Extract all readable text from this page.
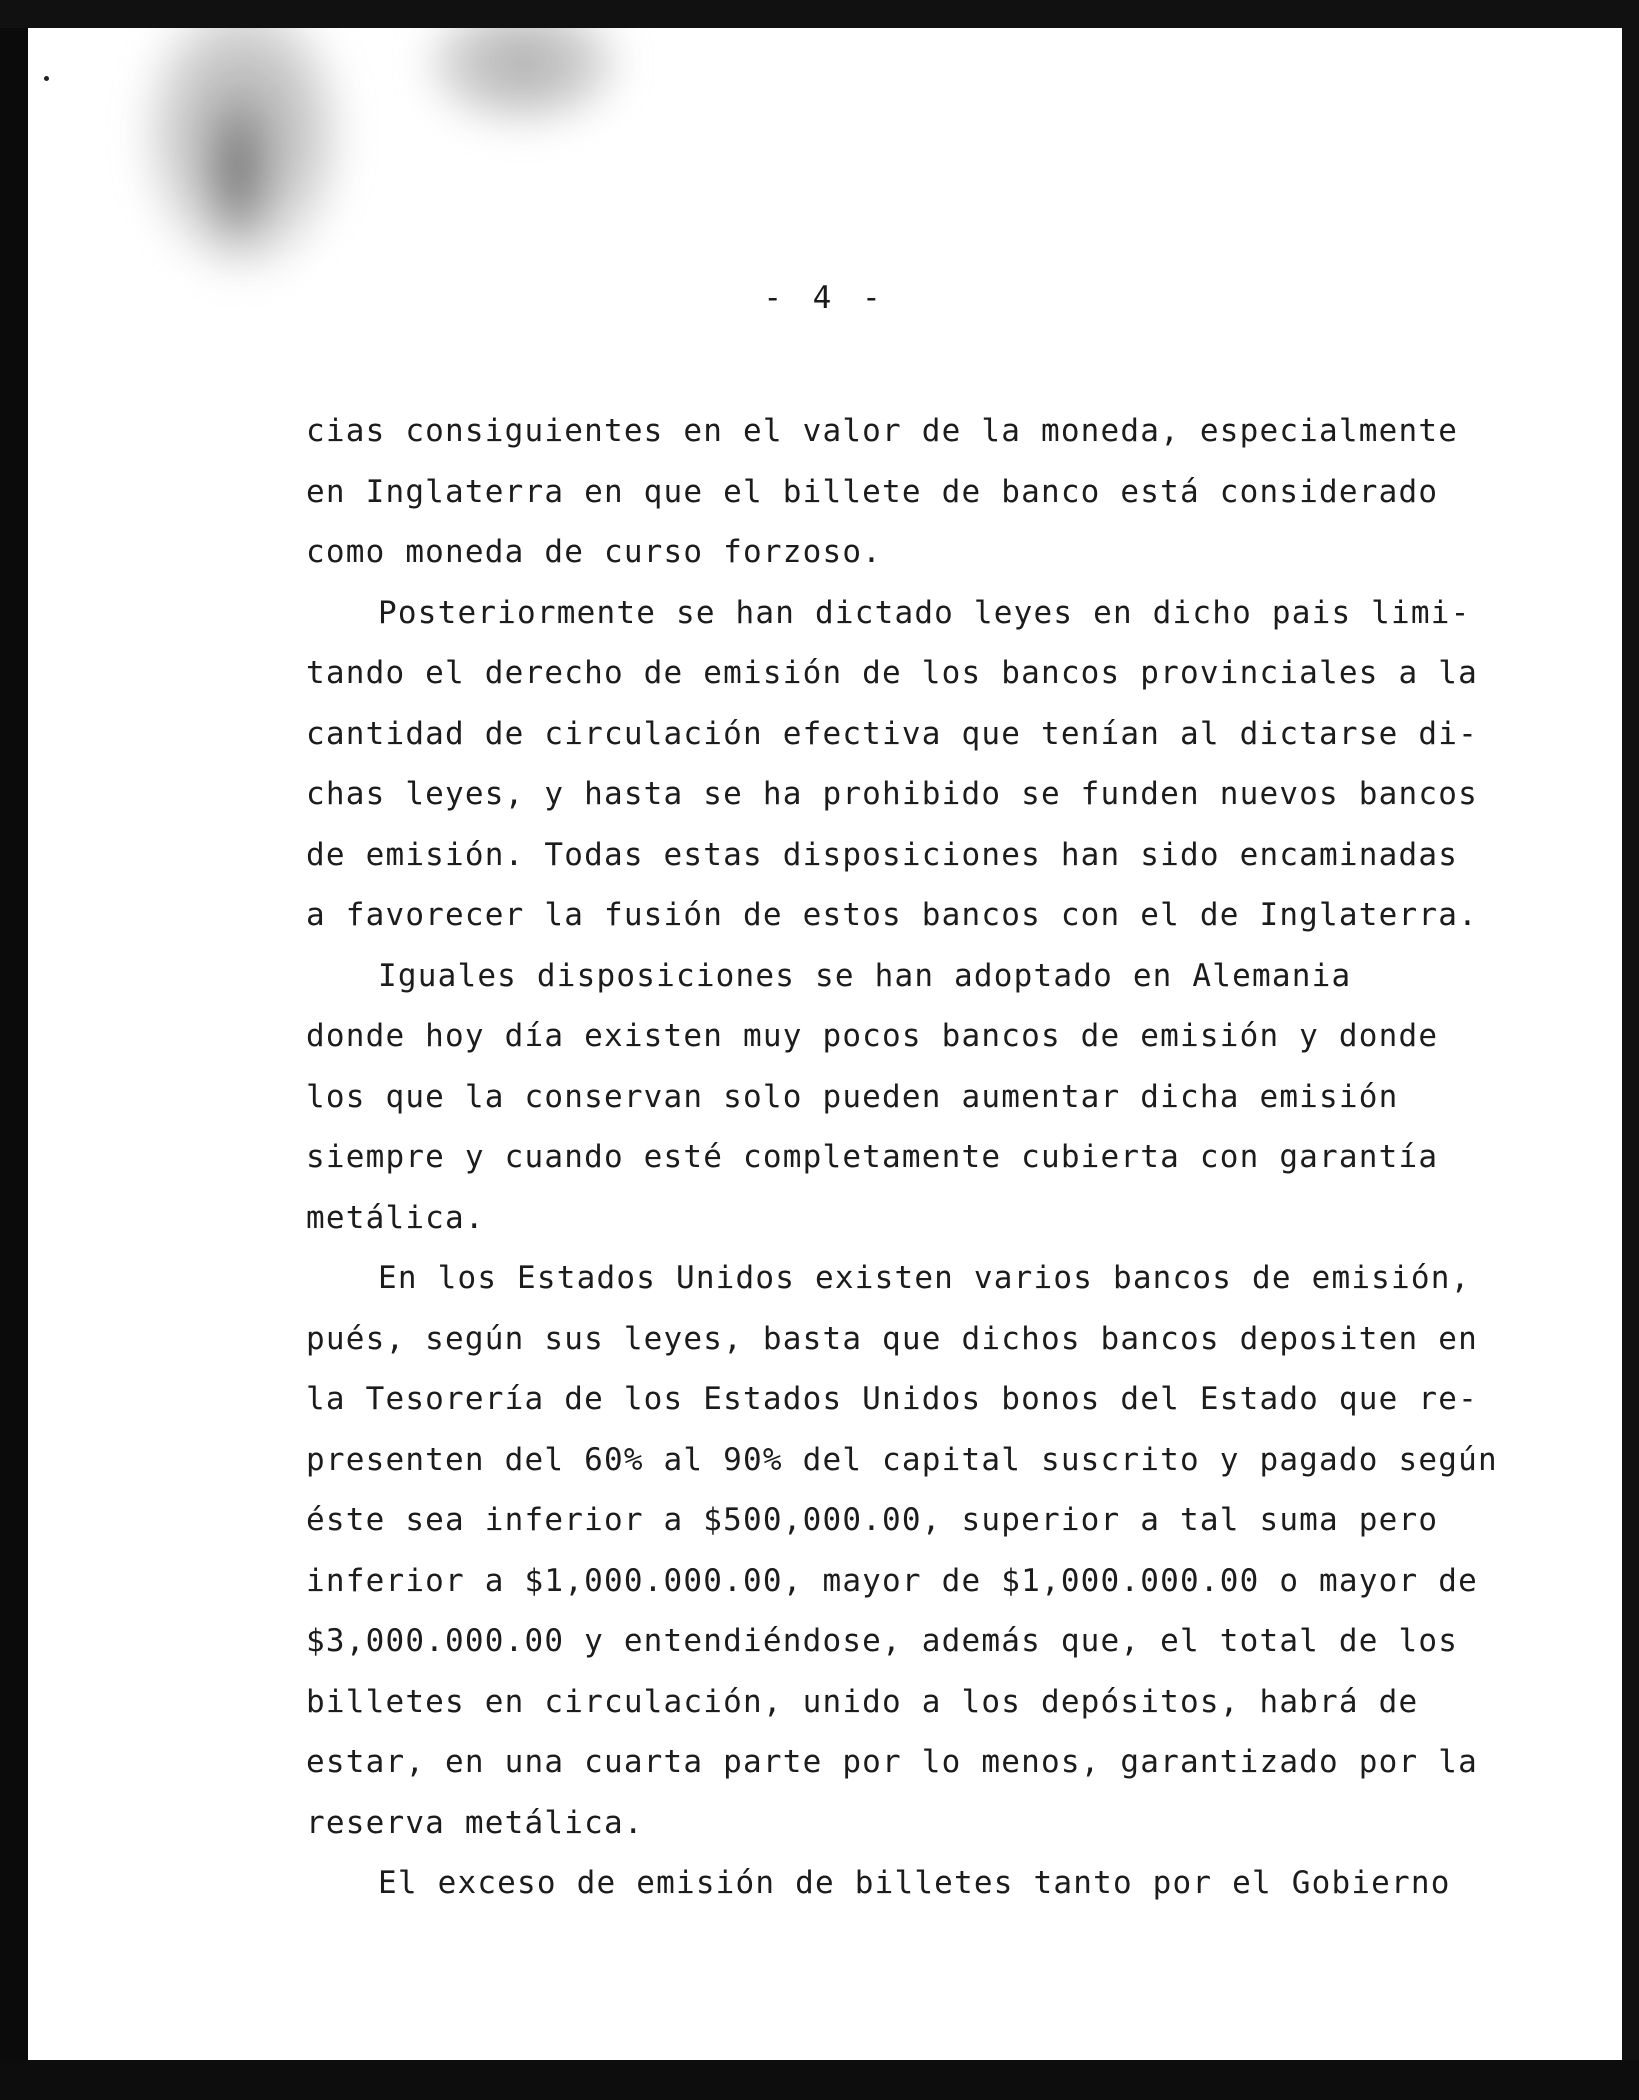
- 4 -
cias consiguientes en el valor de la moneda, especialmente
en Inglaterra en que el billete de banco está considerado
como moneda de curso forzoso.
Posteriormente se han dictado leyes en dicho pais limi-
tando el derecho de emisión de los bancos provinciales a la
cantidad de circulación efectiva que tenían al dictarse di-
chas leyes, y hasta se ha prohibido se funden nuevos bancos
de emisión. Todas estas disposiciones han sido encaminadas
a favorecer la fusión de estos bancos con el de Inglaterra.
Iguales disposiciones se han adoptado en Alemania
donde hoy día existen muy pocos bancos de emisión y donde
los que la conservan solo pueden aumentar dicha emisión
siempre y cuando esté completamente cubierta con garantía
metálica.
En los Estados Unidos existen varios bancos de emisión,
pués, según sus leyes, basta que dichos bancos depositen en
la Tesorería de los Estados Unidos bonos del Estado que re-
presenten del 60% al 90% del capital suscrito y pagado según
éste sea inferior a $500,000.00, superior a tal suma pero
inferior a $1,000.000.00, mayor de $1,000.000.00 o mayor de
$3,000.000.00 y entendiéndose, además que, el total de los
billetes en circulación, unido a los depósitos, habrá de
estar, en una cuarta parte por lo menos, garantizado por la
reserva metálica.
El exceso de emisión de billetes tanto por el Gobierno
